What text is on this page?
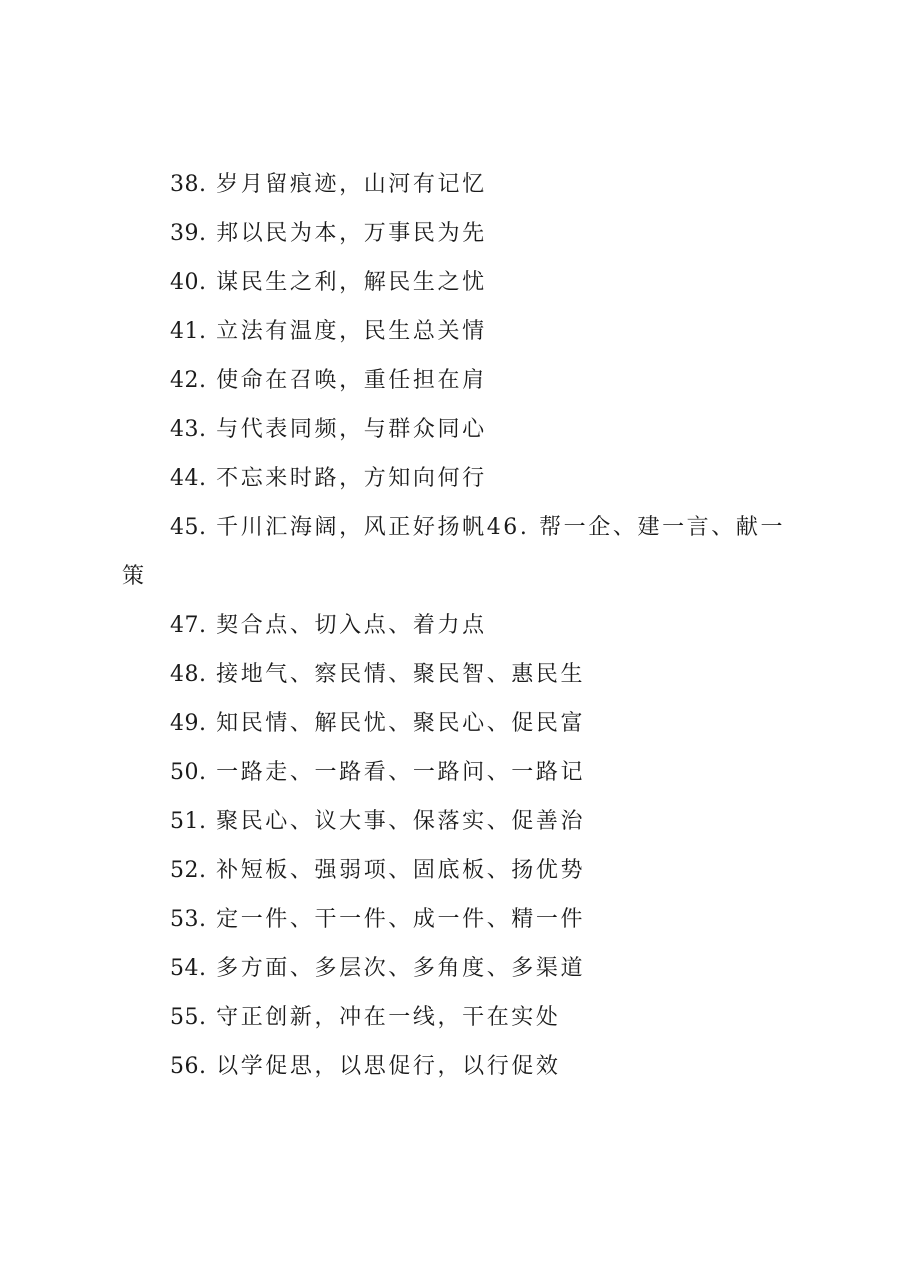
38. 岁月留痕迹，山河有记忆
39. 邦以民为本，万事民为先
40. 谋民生之利，解民生之忧
41. 立法有温度，民生总关情
42. 使命在召唤，重任担在肩
43. 与代表同频，与群众同心
44. 不忘来时路，方知向何行
45. 千川汇海阔，风正好扬帆46. 帮一企、建一言、献一
策
47. 契合点、切入点、着力点
48. 接地气、察民情、聚民智、惠民生
49. 知民情、解民忧、聚民心、促民富
50. 一路走、一路看、一路问、一路记
51. 聚民心、议大事、保落实、促善治
52. 补短板、强弱项、固底板、扬优势
53. 定一件、干一件、成一件、精一件
54. 多方面、多层次、多角度、多渠道
55. 守正创新，冲在一线，干在实处
56. 以学促思，以思促行，以行促效
